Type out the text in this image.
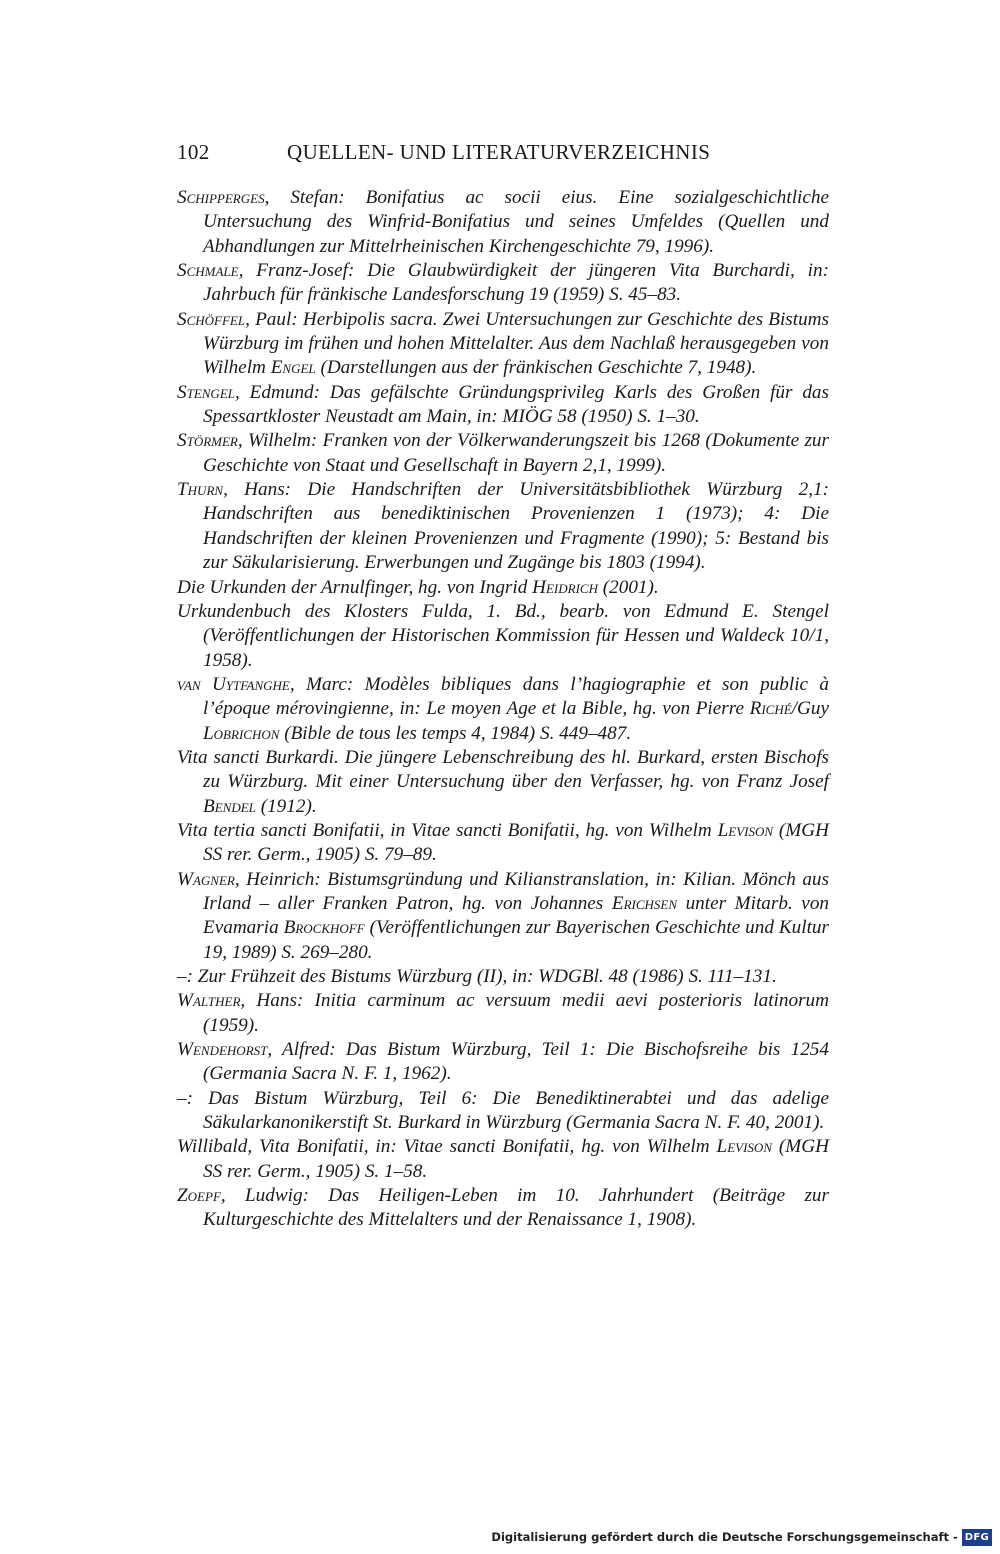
102	QUELLEN- UND LITERATURVERZEICHNIS

Schipperges, Stefan: Bonifatius ac socii eius. Eine sozialgeschichtliche Untersuchung des Winfrid-Bonifatius und seines Umfeldes (Quellen und Abhandlungen zur Mittelrheinischen Kirchengeschichte 79, 1996).

Schmale, Franz-Josef: Die Glaubwürdigkeit der jüngeren Vita Burchardi, in: Jahrbuch für fränkische Landesforschung 19 (1959) S. 45–83.

Schöffel, Paul: Herbipolis sacra. Zwei Untersuchungen zur Geschichte des Bistums Würzburg im frühen und hohen Mittelalter. Aus dem Nachlaß herausgegeben von Wilhelm Engel (Darstellungen aus der fränkischen Geschichte 7, 1948).

Stengel, Edmund: Das gefälschte Gründungsprivileg Karls des Großen für das Spessartkloster Neustadt am Main, in: MIÖG 58 (1950) S. 1–30.

Störmer, Wilhelm: Franken von der Völkerwanderungszeit bis 1268 (Dokumente zur Geschichte von Staat und Gesellschaft in Bayern 2,1, 1999).

Thurn, Hans: Die Handschriften der Universitätsbibliothek Würzburg 2,1: Handschriften aus benediktinischen Provenienzen 1 (1973); 4: Die Handschriften der kleinen Provenienzen und Fragmente (1990); 5: Bestand bis zur Säkularisierung. Erwerbungen und Zugänge bis 1803 (1994).

Die Urkunden der Arnulfinger, hg. von Ingrid Heidrich (2001).

Urkundenbuch des Klosters Fulda, 1. Bd., bearb. von Edmund E. Stengel (Veröffentlichungen der Historischen Kommission für Hessen und Waldeck 10/1, 1958).

van Uytfanghe, Marc: Modèles bibliques dans l’hagiographie et son public à l’époque mérovingienne, in: Le moyen Age et la Bible, hg. von Pierre Riché/Guy Lobrichon (Bible de tous les temps 4, 1984) S. 449–487.

Vita sancti Burkardi. Die jüngere Lebenschreibung des hl. Burkard, ersten Bischofs zu Würzburg. Mit einer Untersuchung über den Verfasser, hg. von Franz Josef Bendel (1912).

Vita tertia sancti Bonifatii, in Vitae sancti Bonifatii, hg. von Wilhelm Levison (MGH SS rer. Germ., 1905) S. 79–89.

Wagner, Heinrich: Bistumsgründung und Kilianstranslation, in: Kilian. Mönch aus Irland – aller Franken Patron, hg. von Johannes Erichsen unter Mitarb. von Evamaria Brockhoff (Veröffentlichungen zur Bayerischen Geschichte und Kultur 19, 1989) S. 269–280.

–: Zur Frühzeit des Bistums Würzburg (II), in: WDGBl. 48 (1986) S. 111–131.

Walther, Hans: Initia carminum ac versuum medii aevi posterioris latinorum (1959).

Wendehorst, Alfred: Das Bistum Würzburg, Teil 1: Die Bischofsreihe bis 1254 (Germania Sacra N. F. 1, 1962).

–: Das Bistum Würzburg, Teil 6: Die Benediktinerabtei und das adelige Säkularkanonikerstift St. Burkard in Würzburg (Germania Sacra N. F. 40, 2001).

Willibald, Vita Bonifatii, in: Vitae sancti Bonifatii, hg. von Wilhelm Levison (MGH SS rer. Germ., 1905) S. 1–58.

Zoepf, Ludwig: Das Heiligen-Leben im 10. Jahrhundert (Beiträge zur Kulturgeschichte des Mittelalters und der Renaissance 1, 1908).

Digitalisierung gefördert durch die Deutsche Forschungsgemeinschaft - DFG
